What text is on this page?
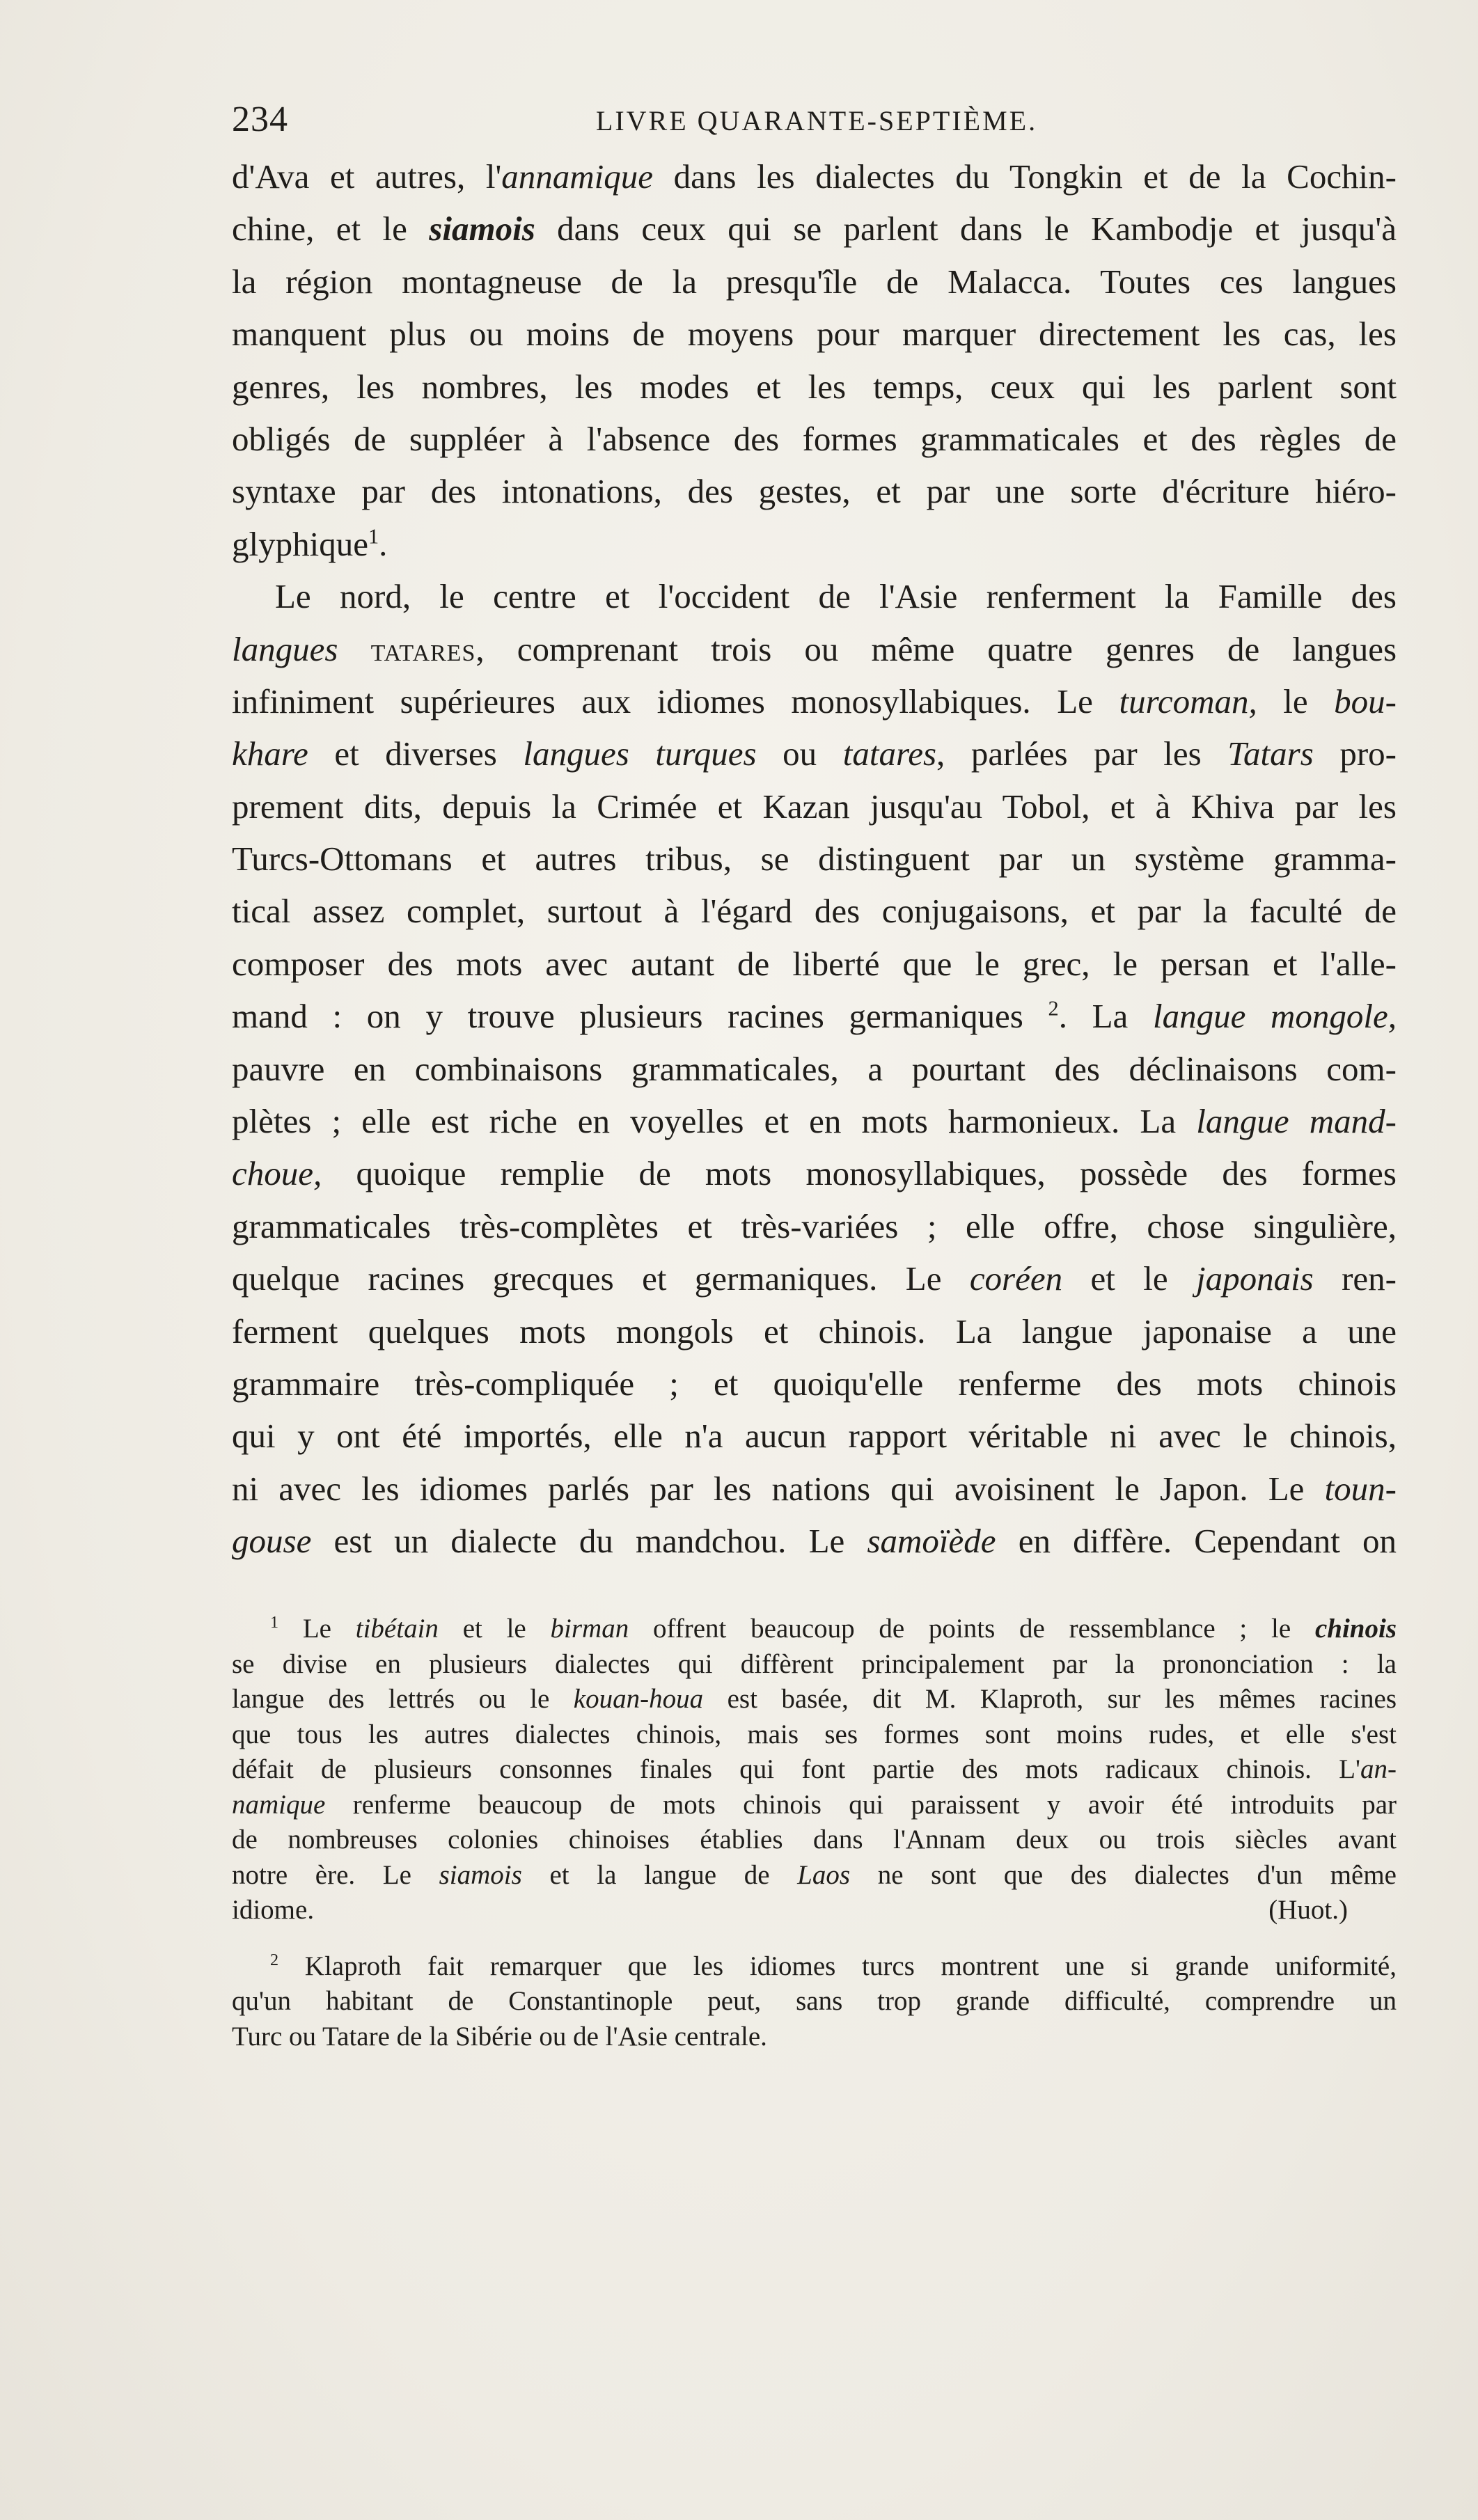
234	LIVRE QUARANTE-SEPTIÈME.
d'Ava et autres, l'annamique dans les dialectes du Tongkin et de la Cochin-
chine, et le siamois dans ceux qui se parlent dans le Kambodje et jusqu'à
la région montagneuse de la presqu'île de Malacca. Toutes ces langues
manquent plus ou moins de moyens pour marquer directement les cas, les
genres, les nombres, les modes et les temps, ceux qui les parlent sont
obligés de suppléer à l'absence des formes grammaticales et des règles de
syntaxe par des intonations, des gestes, et par une sorte d'écriture hiéro-
glyphique$^1$.
Le nord, le centre et l'occident de l'Asie renferment la Famille des
langues tatares, comprenant trois ou même quatre genres de langues
infiniment supérieures aux idiomes monosyllabiques. Le turcoman, le bou-
khare et diverses langues turques ou tatares, parlées par les Tatars pro-
prement dits, depuis la Crimée et Kazan jusqu'au Tobol, et à Khiva par les
Turcs-Ottomans et autres tribus, se distinguent par un système gramma-
tical assez complet, surtout à l'égard des conjugaisons, et par la faculté de
composer des mots avec autant de liberté que le grec, le persan et l'alle-
mand : on y trouve plusieurs racines germaniques $^2$. La langue mongole,
pauvre en combinaisons grammaticales, a pourtant des déclinaisons com-
plètes ; elle est riche en voyelles et en mots harmonieux. La langue mand-
choue, quoique remplie de mots monosyllabiques, possède des formes
grammaticales très-complètes et très-variées ; elle offre, chose singulière,
quelque racines grecques et germaniques. Le coréen et le japonais ren-
ferment quelques mots mongols et chinois. La langue japonaise a une
grammaire très-compliquée ; et quoiqu'elle renferme des mots chinois
qui y ont été importés, elle n'a aucun rapport véritable ni avec le chinois,
ni avec les idiomes parlés par les nations qui avoisinent le Japon. Le toun-
gouse est un dialecte du mandchou. Le samoïède en diffère. Cependant on
$^1$ Le tibétain et le birman offrent beaucoup de points de ressemblance ; le chinois
se divise en plusieurs dialectes qui diffèrent principalement par la prononciation : la
langue des lettrés ou le kouan-houa est basée, dit M. Klaproth, sur les mêmes racines
que tous les autres dialectes chinois, mais ses formes sont moins rudes, et elle s'est
défait de plusieurs consonnes finales qui font partie des mots radicaux chinois. L'an-
namique renferme beaucoup de mots chinois qui paraissent y avoir été introduits par
de nombreuses colonies chinoises établies dans l'Annam deux ou trois siècles avant
notre ère. Le siamois et la langue de Laos ne sont que des dialectes d'un même
idiome.	(Huot.)
$^2$ Klaproth fait remarquer que les idiomes turcs montrent une si grande uniformité,
qu'un habitant de Constantinople peut, sans trop grande difficulté, comprendre un
Turc ou Tatare de la Sibérie ou de l'Asie centrale.
